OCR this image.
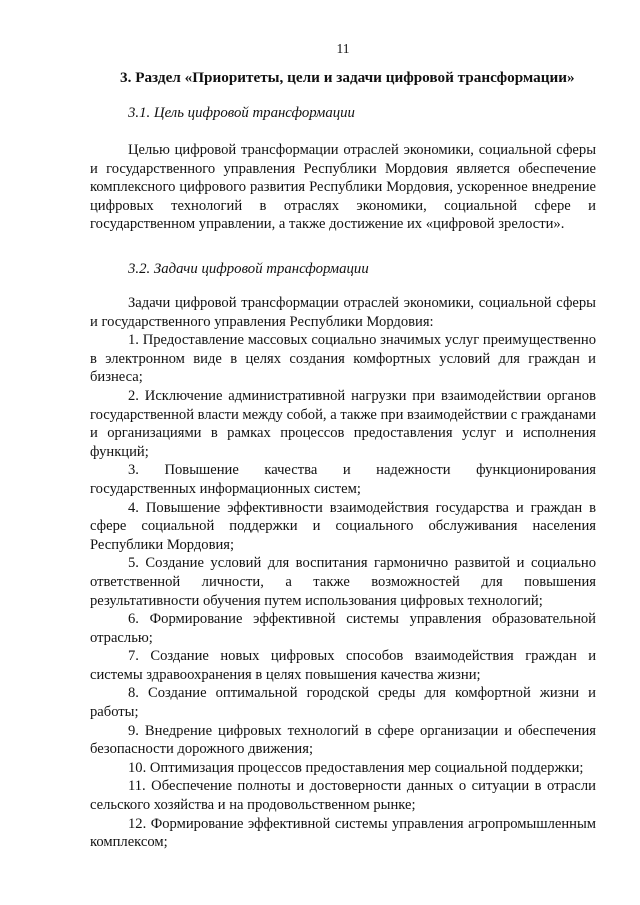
11
3. Раздел «Приоритеты, цели и задачи цифровой трансформации»
3.1. Цель цифровой трансформации

Целью цифровой трансформации отраслей экономики, социальной сферы и государственного управления Республики Мордовия является обеспечение комплексного цифрового развития Республики Мордовия, ускоренное внедрение цифровых технологий в отраслях экономики, социальной сфере и государственном управлении, а также достижение их «цифровой зрелости».

3.2. Задачи цифровой трансформации

Задачи цифровой трансформации отраслей экономики, социальной сферы и государственного управления Республики Мордовия:

1. Предоставление массовых социально значимых услуг преимущественно в электронном виде в целях создания комфортных условий для граждан и бизнеса;

2. Исключение административной нагрузки при взаимодействии органов государственной власти между собой, а также при взаимодействии с гражданами и организациями в рамках процессов предоставления услуг и исполнения функций;

3. Повышение качества и надежности функционирования государственных информационных систем;

4. Повышение эффективности взаимодействия государства и граждан в сфере социальной поддержки и социального обслуживания населения Республики Мордовия;

5. Создание условий для воспитания гармонично развитой и социально ответственной личности, а также возможностей для повышения результативности обучения путем использования цифровых технологий;

6. Формирование эффективной системы управления образовательной отраслью;

7. Создание новых цифровых способов взаимодействия граждан и системы здравоохранения в целях повышения качества жизни;

8. Создание оптимальной городской среды для комфортной жизни и работы;

9. Внедрение цифровых технологий в сфере организации и обеспечения безопасности дорожного движения;

10. Оптимизация процессов предоставления мер социальной поддержки;

11. Обеспечение полноты и достоверности данных о ситуации в отрасли сельского хозяйства и на продовольственном рынке;

12. Формирование эффективной системы управления агропромышленным комплексом;
